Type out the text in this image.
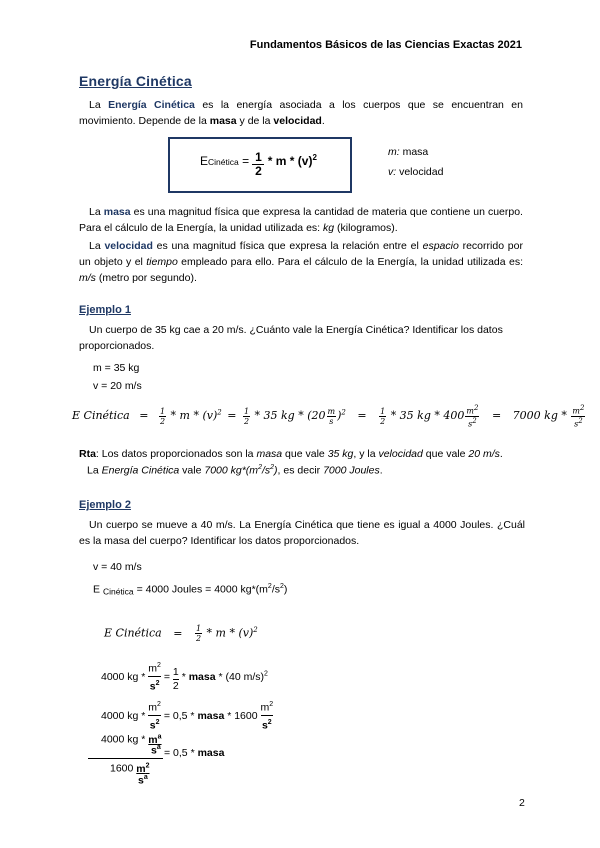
Fundamentos Básicos de las Ciencias Exactas 2021
Energía Cinética
La Energía Cinética es la energía asociada a los cuerpos que se encuentran en movimiento. Depende de la masa y de la velocidad.
ECinética = $\frac{1}{2}$ * m * $(v)^2$	m: masa
v: velocidad
La masa es una magnitud física que expresa la cantidad de materia que contiene un cuerpo. Para el cálculo de la Energía, la unidad utilizada es: kg (kilogramos).
La velocidad es una magnitud física que expresa la relación entre el espacio recorrido por un objeto y el tiempo empleado para ello. Para el cálculo de la Energía, la unidad utilizada es: m/s (metro por segundo).
Ejemplo 1
Un cuerpo de 35 kg cae a 20 m/s. ¿Cuánto vale la Energía Cinética? Identificar los datos proporcionados.
m = 35 kg
v = 20 m/s
E Cinética = $\frac{1}{2} * m * (v)^2 = \frac{1}{2} * 35$ kg * $(20 \frac{m}{s} )^2 = \frac{1}{2} * 35$ kg * $400 \frac{m^2}{s^2} = 7000$ kg * $\frac{m^2}{s^2}$
Rta: Los datos proporcionados son la masa que vale 35 kg, y la velocidad que vale 20 m/s.
La Energía Cinética vale 7000 $kg*(m^2/s^2)$, es decir 7000 Joules.
Ejemplo 2
Un cuerpo se mueve a 40 m/s. La Energía Cinética que tiene es igual a 4000 Joules. ¿Cuál es la masa del cuerpo? Identificar los datos proporcionados.
v = 40 m/s
E Cinética = 4000 Joules = 4000 $kg*(m^2/s^2)$
E Cinética = $\frac{1}{2}$ * m * $(v)^2$
4000 kg * $\frac{m^2}{s^2} = \frac{1}{2}$ * masa * (40 m/s)$^2$
4000 kg * $\frac{m^2}{s^2} = 0,5$ * masa * $1600 \frac{m^2}{s^2}$
4000 kg * $m^a$
$s^a = 0,5$ * masa
1600 $m^2$
$s^a$
2
